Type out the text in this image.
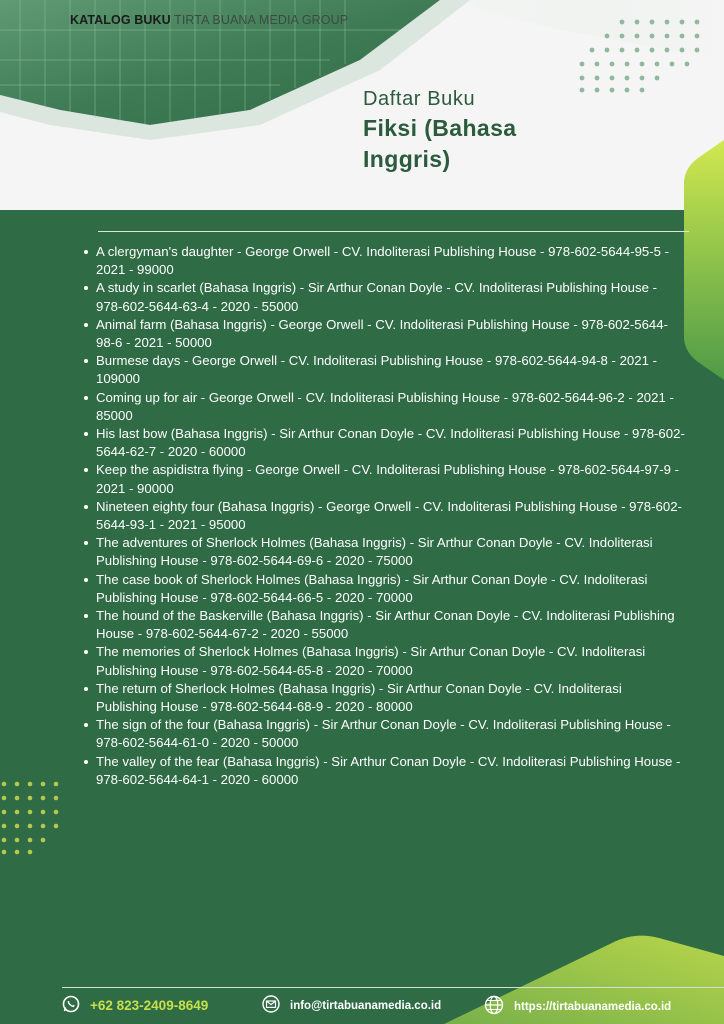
KATALOG BUKU TIRTA BUANA MEDIA GROUP
Daftar Buku
Fiksi (Bahasa Inggris)
A clergyman's daughter - George Orwell - CV. Indoliterasi Publishing House - 978-602-5644-95-5 - 2021 - 99000
A study in scarlet (Bahasa Inggris) - Sir Arthur Conan Doyle - CV. Indoliterasi Publishing House - 978-602-5644-63-4 - 2020 - 55000
Animal farm (Bahasa Inggris) - George Orwell - CV. Indoliterasi Publishing House - 978-602-5644-98-6 - 2021 - 50000
Burmese days - George Orwell - CV. Indoliterasi Publishing House - 978-602-5644-94-8 - 2021 - 109000
Coming up for air - George Orwell - CV. Indoliterasi Publishing House - 978-602-5644-96-2 - 2021 - 85000
His last bow (Bahasa Inggris) - Sir Arthur Conan Doyle - CV. Indoliterasi Publishing House - 978-602-5644-62-7 - 2020 - 60000
Keep the aspidistra flying - George Orwell - CV. Indoliterasi Publishing House - 978-602-5644-97-9 - 2021 - 90000
Nineteen eighty four (Bahasa Inggris) - George Orwell - CV. Indoliterasi Publishing House - 978-602-5644-93-1 - 2021 - 95000
The adventures of Sherlock Holmes (Bahasa Inggris) - Sir Arthur Conan Doyle - CV. Indoliterasi Publishing House - 978-602-5644-69-6 - 2020 - 75000
The case book of Sherlock Holmes (Bahasa Inggris) - Sir Arthur Conan Doyle - CV. Indoliterasi Publishing House - 978-602-5644-66-5 - 2020 - 70000
The hound of the Baskerville (Bahasa Inggris) - Sir Arthur Conan Doyle - CV. Indoliterasi Publishing House - 978-602-5644-67-2 - 2020 - 55000
The memories of Sherlock Holmes (Bahasa Inggris) - Sir Arthur Conan Doyle - CV. Indoliterasi Publishing House - 978-602-5644-65-8 - 2020 - 70000
The return of Sherlock Holmes (Bahasa Inggris) - Sir Arthur Conan Doyle - CV. Indoliterasi Publishing House - 978-602-5644-68-9 - 2020 - 80000
The sign of the four (Bahasa Inggris) - Sir Arthur Conan Doyle - CV. Indoliterasi Publishing House - 978-602-5644-61-0 - 2020 - 50000
The valley of the fear (Bahasa Inggris) - Sir Arthur Conan Doyle - CV. Indoliterasi Publishing House - 978-602-5644-64-1 - 2020 - 60000
+62 823-2409-8649	info@tirtabuanamedia.co.id	https://tirtabuanamedia.co.id
